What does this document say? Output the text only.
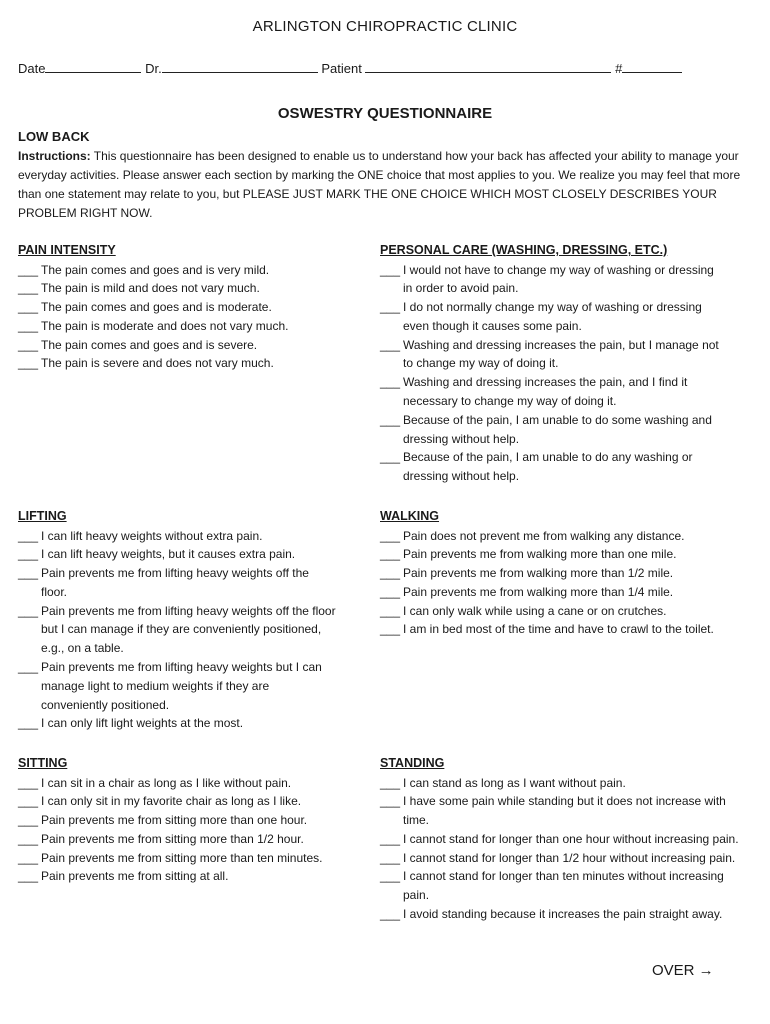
ARLINGTON CHIROPRACTIC CLINIC
Date	Dr.	Patient	#
OSWESTRY QUESTIONNAIRE
LOW BACK
Instructions: This questionnaire has been designed to enable us to understand how your back has affected your ability to manage your everyday activities. Please answer each section by marking the ONE choice that most applies to you. We realize you may feel that more than one statement may relate to you, but PLEASE JUST MARK THE ONE CHOICE WHICH MOST CLOSELY DESCRIBES YOUR PROBLEM RIGHT NOW.
PAIN INTENSITY
___ The pain comes and goes and is very mild.
___ The pain is mild and does not vary much.
___ The pain comes and goes and is moderate.
___ The pain is moderate and does not vary much.
___ The pain comes and goes and is severe.
___ The pain is severe and does not vary much.
PERSONAL CARE (WASHING, DRESSING, ETC.)
___ I would not have to change my way of washing or dressing in order to avoid pain.
___ I do not normally change my way of washing or dressing even though it causes some pain.
___ Washing and dressing increases the pain, but I manage not to change my way of doing it.
___ Washing and dressing increases the pain, and I find it necessary to change my way of doing it.
___ Because of the pain, I am unable to do some washing and dressing without help.
___ Because of the pain, I am unable to do any washing or dressing without help.
LIFTING
___ I can lift heavy weights without extra pain.
___ I can lift heavy weights, but it causes extra pain.
___ Pain prevents me from lifting heavy weights off the floor.
___ Pain prevents me from lifting heavy weights off the floor but I can manage if they are conveniently positioned, e.g., on a table.
___ Pain prevents me from lifting heavy weights but I can manage light to medium weights if they are conveniently positioned.
___ I can only lift light weights at the most.
WALKING
___ Pain does not prevent me from walking any distance.
___ Pain prevents me from walking more than one mile.
___ Pain prevents me from walking more than 1/2 mile.
___ Pain prevents me from walking more than 1/4 mile.
___ I can only walk while using a cane or on crutches.
___ I am in bed most of the time and have to crawl to the toilet.
SITTING
___ I can sit in a chair as long as I like without pain.
___ I can only sit in my favorite chair as long as I like.
___ Pain prevents me from sitting more than one hour.
___ Pain prevents me from sitting more than 1/2 hour.
___ Pain prevents me from sitting more than ten minutes.
___ Pain prevents me from sitting at all.
STANDING
___ I can stand as long as I want without pain.
___ I have some pain while standing but it does not increase with time.
___ I cannot stand for longer than one hour without increasing pain.
___ I cannot stand for longer than 1/2 hour without increasing pain.
___ I cannot stand for longer than ten minutes without increasing pain.
___ I avoid standing because it increases the pain straight away.
OVER →
